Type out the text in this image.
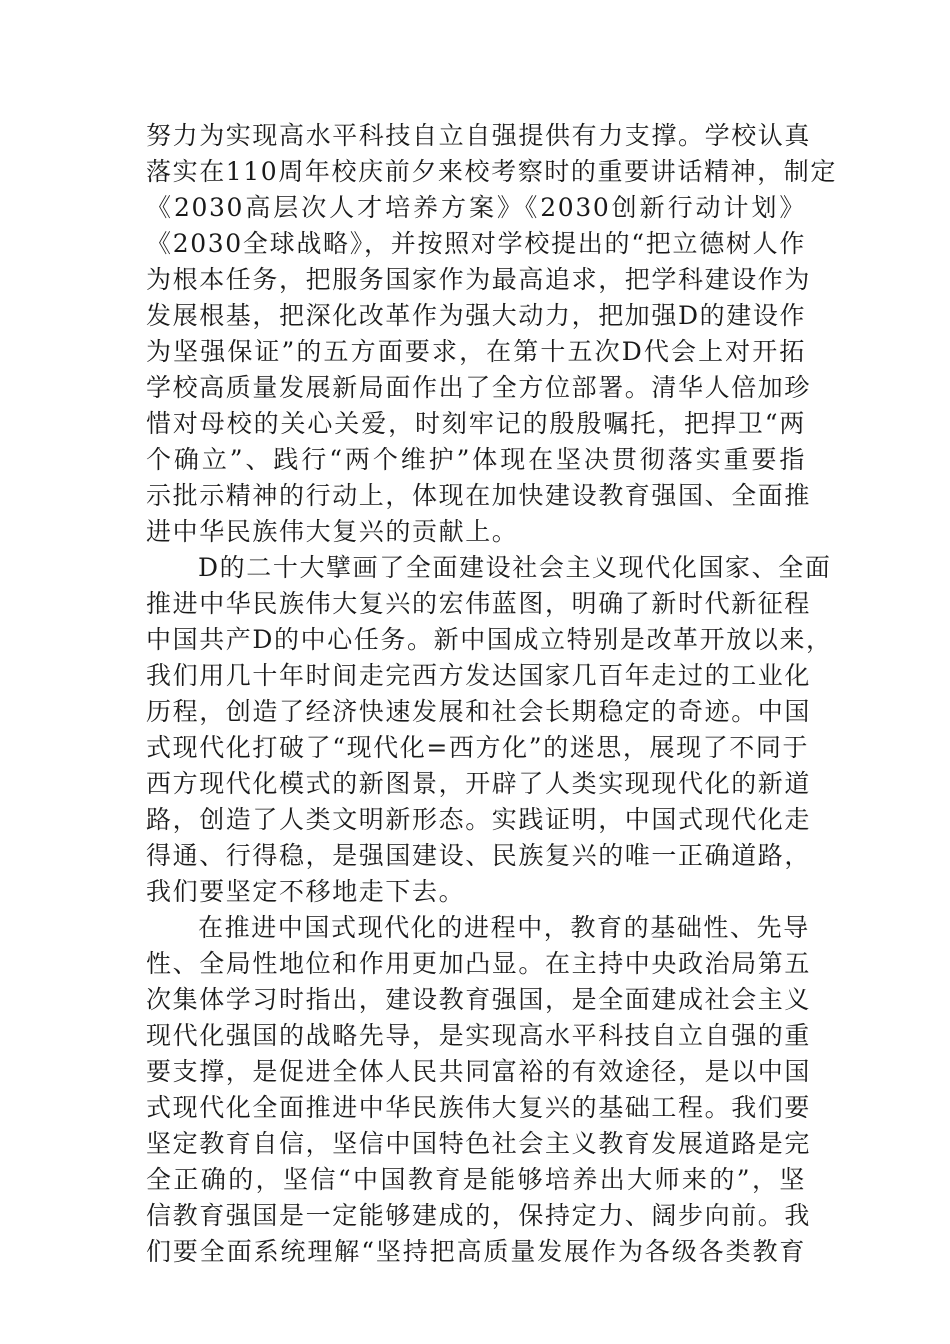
努力为实现高水平科技自立自强提供有力支撑。学校认真
落实在110周年校庆前夕来校考察时的重要讲话精神，制定
《2030高层次人才培养方案》《2030创新行动计划》
《2030全球战略》，并按照对学校提出的“把立德树人作
为根本任务，把服务国家作为最高追求，把学科建设作为
发展根基，把深化改革作为强大动力，把加强D的建设作
为坚强保证”的五方面要求，在第十五次D代会上对开拓
学校高质量发展新局面作出了全方位部署。清华人倍加珍
惜对母校的关心关爱，时刻牢记的殷殷嘱托，把捍卫“两
个确立”、践行“两个维护”体现在坚决贯彻落实重要指
示批示精神的行动上，体现在加快建设教育强国、全面推
进中华民族伟大复兴的贡献上。
D的二十大擘画了全面建设社会主义现代化国家、全面
推进中华民族伟大复兴的宏伟蓝图，明确了新时代新征程
中国共产D的中心任务。新中国成立特别是改革开放以来，
我们用几十年时间走完西方发达国家几百年走过的工业化
历程，创造了经济快速发展和社会长期稳定的奇迹。中国
式现代化打破了“现代化=西方化”的迷思，展现了不同于
西方现代化模式的新图景，开辟了人类实现现代化的新道
路，创造了人类文明新形态。实践证明，中国式现代化走
得通、行得稳，是强国建设、民族复兴的唯一正确道路，
我们要坚定不移地走下去。
在推进中国式现代化的进程中，教育的基础性、先导
性、全局性地位和作用更加凸显。在主持中央政治局第五
次集体学习时指出，建设教育强国，是全面建成社会主义
现代化强国的战略先导，是实现高水平科技自立自强的重
要支撑，是促进全体人民共同富裕的有效途径，是以中国
式现代化全面推进中华民族伟大复兴的基础工程。我们要
坚定教育自信，坚信中国特色社会主义教育发展道路是完
全正确的，坚信“中国教育是能够培养出大师来的”，坚
信教育强国是一定能够建成的，保持定力、阔步向前。我
们要全面系统理解“坚持把高质量发展作为各级各类教育
